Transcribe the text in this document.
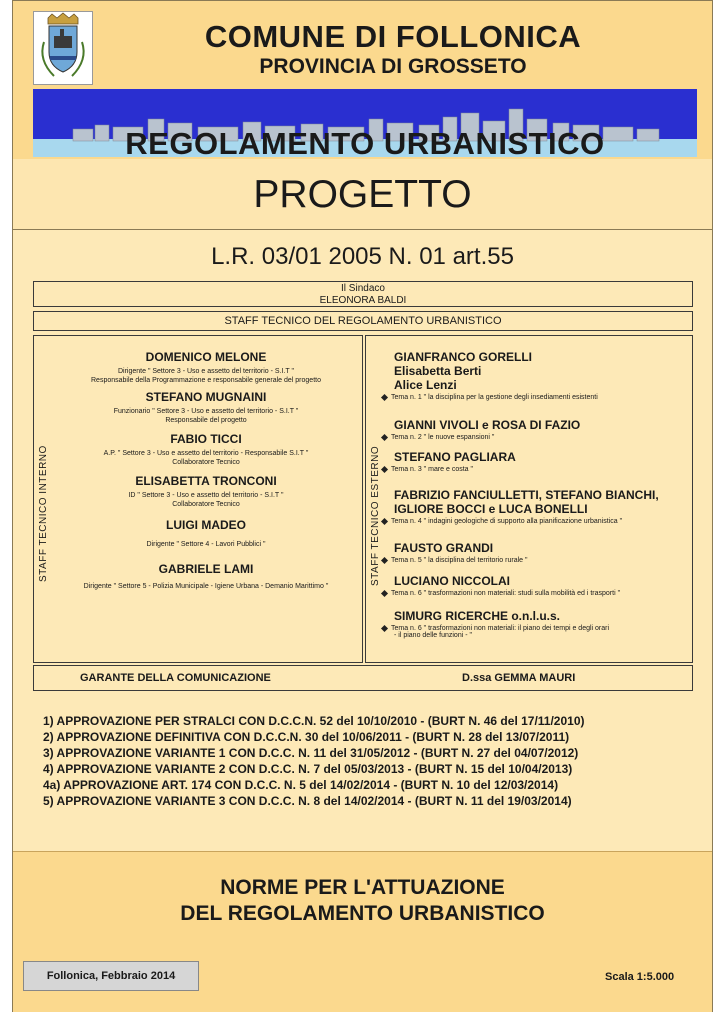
COMUNE DI FOLLONICA
PROVINCIA DI GROSSETO
REGOLAMENTO URBANISTICO
PROGETTO
L.R. 03/01 2005 N. 01 art.55
Il Sindaco
ELEONORA BALDI
STAFF TECNICO DEL REGOLAMENTO URBANISTICO
STAFF TECNICO INTERNO
DOMENICO MELONE
Dirigente " Settore 3 - Uso e assetto del territorio - S.I.T "
Responsabile della Programmazione e responsabile generale del progetto
STEFANO MUGNAINI
Funzionario " Settore 3 - Uso e assetto del territorio - S.I.T "
Responsabile del progetto
FABIO TICCI
A.P. " Settore 3 - Uso e assetto del territorio - Responsabile S.I.T "
Collaboratore Tecnico
ELISABETTA TRONCONI
ID " Settore 3 - Uso e assetto del territorio - S.I.T "
Collaboratore Tecnico
LUIGI MADEO
Dirigente " Settore 4 - Lavori Pubblici "
GABRIELE LAMI
Dirigente " Settore 5 - Polizia Municipale - Igiene Urbana - Demanio Marittimo "
STAFF TECNICO ESTERNO
GIANFRANCO GORELLI
Elisabetta Berti
Alice Lenzi
Tema n. 1 " la disciplina per la gestione degli insediamenti esistenti
GIANNI VIVOLI e ROSA DI FAZIO
Tema n. 2 " le nuove espansioni "
STEFANO PAGLIARA
Tema n. 3 " mare e costa "
FABRIZIO FANCIULLETTI, STEFANO BIANCHI,
IGLIORE BOCCI e LUCA BONELLI
Tema n. 4 " indagini geologiche di supporto alla pianificazione urbanistica "
FAUSTO GRANDI
Tema n. 5 " la disciplina del territorio rurale "
LUCIANO NICCOLAI
Tema n. 6 " trasformazioni non materiali: studi sulla mobilità ed i trasporti "
SIMURG RICERCHE o.n.l.u.s.
Tema n. 6 " trasformazioni non materiali: il piano dei tempi e degli orari
- il piano delle funzioni - "
GARANTE DELLA COMUNICAZIONE	D.ssa GEMMA MAURI
1) APPROVAZIONE PER STRALCI CON D.C.C.N. 52 del 10/10/2010 - (BURT N. 46 del 17/11/2010)
2) APPROVAZIONE DEFINITIVA CON D.C.C.N. 30 del 10/06/2011 - (BURT N. 28 del 13/07/2011)
3) APPROVAZIONE VARIANTE 1 CON D.C.C. N. 11 del 31/05/2012 - (BURT N. 27 del 04/07/2012)
4) APPROVAZIONE VARIANTE 2 CON D.C.C. N. 7 del 05/03/2013 - (BURT N. 15 del 10/04/2013)
4a) APPROVAZIONE ART. 174 CON D.C.C. N. 5 del 14/02/2014 - (BURT N. 10 del 12/03/2014)
5) APPROVAZIONE VARIANTE 3 CON D.C.C. N. 8 del 14/02/2014 - (BURT N. 11 del 19/03/2014)
NORME PER L'ATTUAZIONE
DEL REGOLAMENTO URBANISTICO
Follonica, Febbraio 2014	Scala 1:5.000
